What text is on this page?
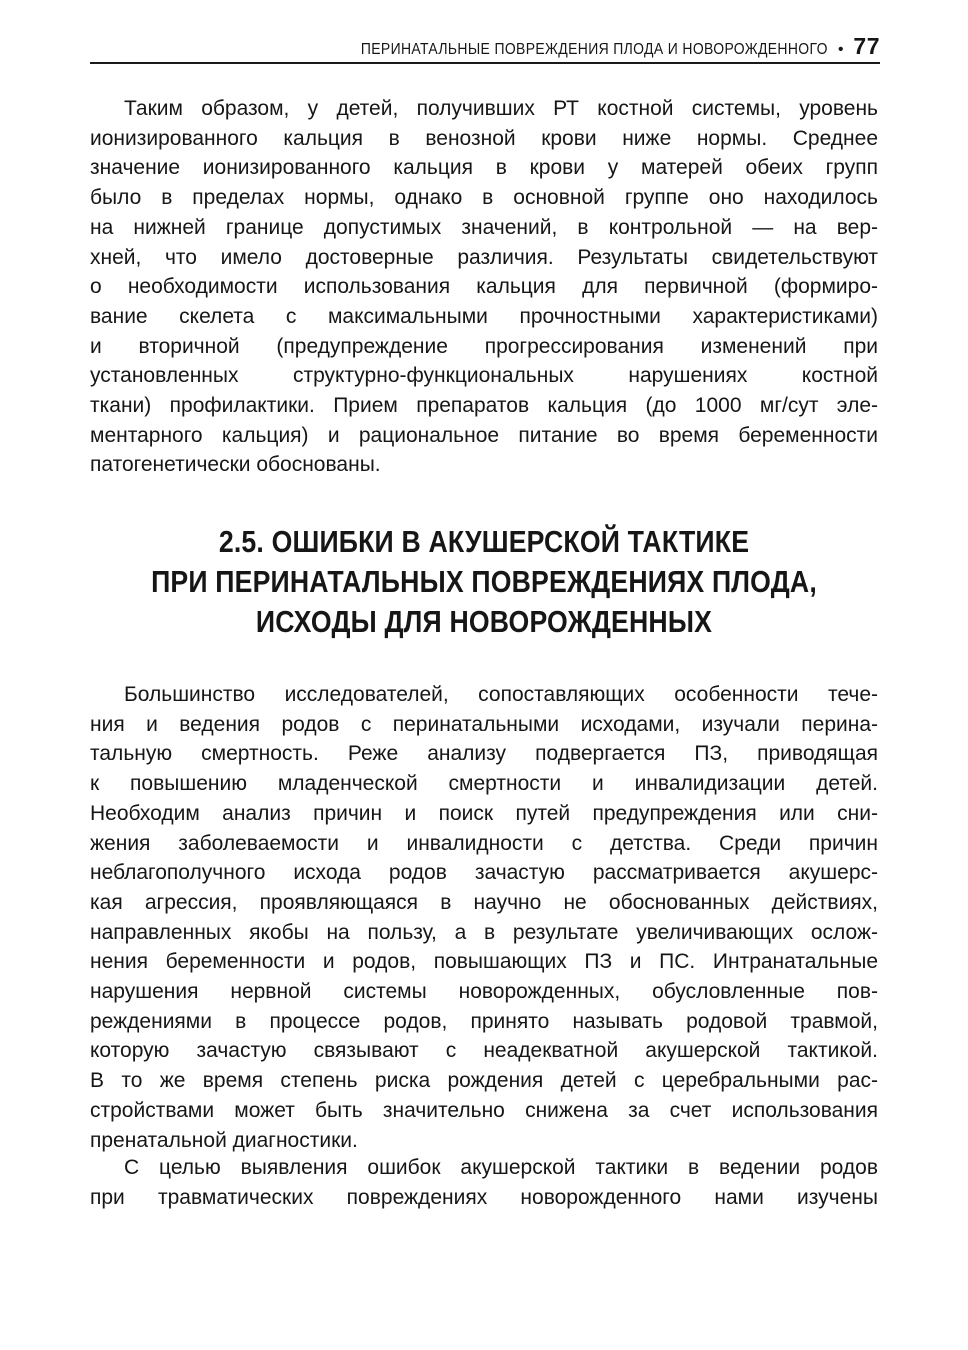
ПЕРИНАТАЛЬНЫЕ ПОВРЕЖДЕНИЯ ПЛОДА И НОВОРОЖДЕННОГО • 77

Таким образом, у детей, получивших РТ костной системы, уровень
ионизированного кальция в венозной крови ниже нормы. Среднее
значение ионизированного кальция в крови у матерей обеих групп
было в пределах нормы, однако в основной группе оно находилось
на нижней границе допустимых значений, в контрольной — на вер-
хней, что имело достоверные различия. Результаты свидетельствуют
о необходимости использования кальция для первичной (формиро-
вание скелета с максимальными прочностными характеристиками)
и вторичной (предупреждение прогрессирования изменений при
установленных структурно-функциональных нарушениях костной
ткани) профилактики. Прием препаратов кальция (до 1000 мг/сут эле-
ментарного кальция) и рациональное питание во время беременности
патогенетически обоснованы.

2.5. ОШИБКИ В АКУШЕРСКОЙ ТАКТИКЕ
ПРИ ПЕРИНАТАЛЬНЫХ ПОВРЕЖДЕНИЯХ ПЛОДА,
ИСХОДЫ ДЛЯ НОВОРОЖДЕННЫХ

Большинство исследователей, сопоставляющих особенности тече-
ния и ведения родов с перинатальными исходами, изучали перина-
тальную смертность. Реже анализу подвергается ПЗ, приводящая
к повышению младенческой смертности и инвалидизации детей.
Необходим анализ причин и поиск путей предупреждения или сни-
жения заболеваемости и инвалидности с детства. Среди причин
неблагополучного исхода родов зачастую рассматривается акушерс-
кая агрессия, проявляющаяся в научно не обоснованных действиях,
направленных якобы на пользу, а в результате увеличивающих ослож-
нения беременности и родов, повышающих ПЗ и ПС. Интранатальные
нарушения нервной системы новорожденных, обусловленные пов-
реждениями в процессе родов, принято называть родовой травмой,
которую зачастую связывают с неадекватной акушерской тактикой.
В то же время степень риска рождения детей с церебральными рас-
стройствами может быть значительно снижена за счет использования
пренатальной диагностики.

С целью выявления ошибок акушерской тактики в ведении родов
при травматических повреждениях новорожденного нами изучены
